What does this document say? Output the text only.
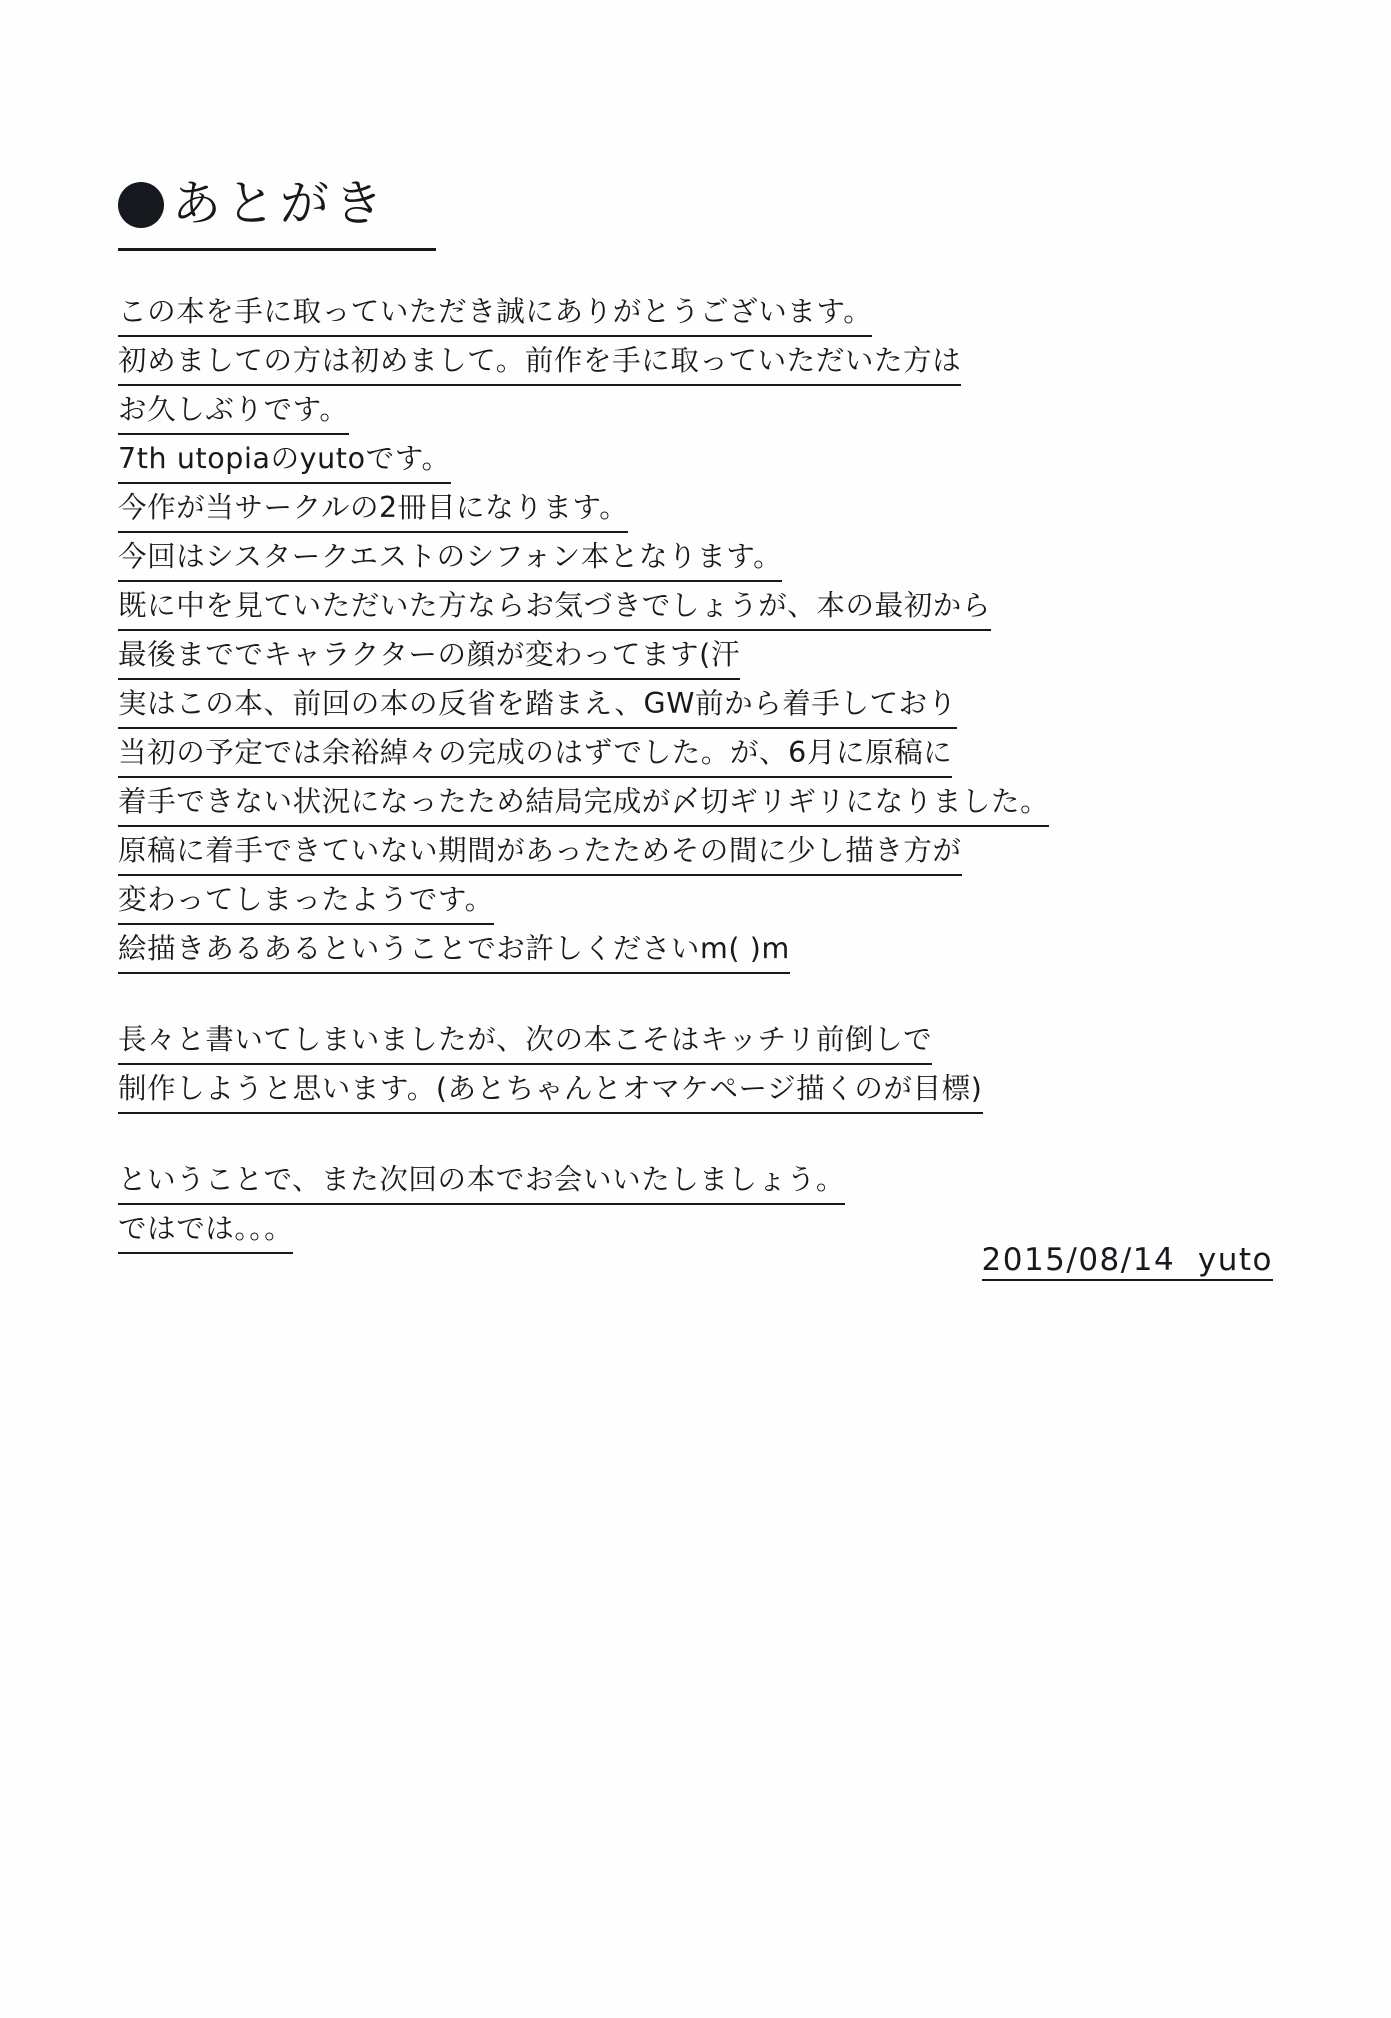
あとがき
この本を手に取っていただき誠にありがとうございます。
初めましての方は初めまして。前作を手に取っていただいた方は
お久しぶりです。
7th utopiaのyutoです。
今作が当サークルの2冊目になります。
今回はシスタークエストのシフォン本となります。
既に中を見ていただいた方ならお気づきでしょうが、本の最初から
最後まででキャラクターの顔が変わってます(汗
実はこの本、前回の本の反省を踏まえ、GW前から着手しており
当初の予定では余裕綽々の完成のはずでした。が、6月に原稿に
着手できない状況になったため結局完成が〆切ギリギリになりました。
原稿に着手できていない期間があったためその間に少し描き方が
変わってしまったようです。
絵描きあるあるということでお許しくださいm( )m
長々と書いてしまいましたが、次の本こそはキッチリ前倒しで
制作しようと思います。(あとちゃんとオマケページ描くのが目標)
ということで、また次回の本でお会いいたしましょう。
ではでは。。。
2015/08/14  yuto
